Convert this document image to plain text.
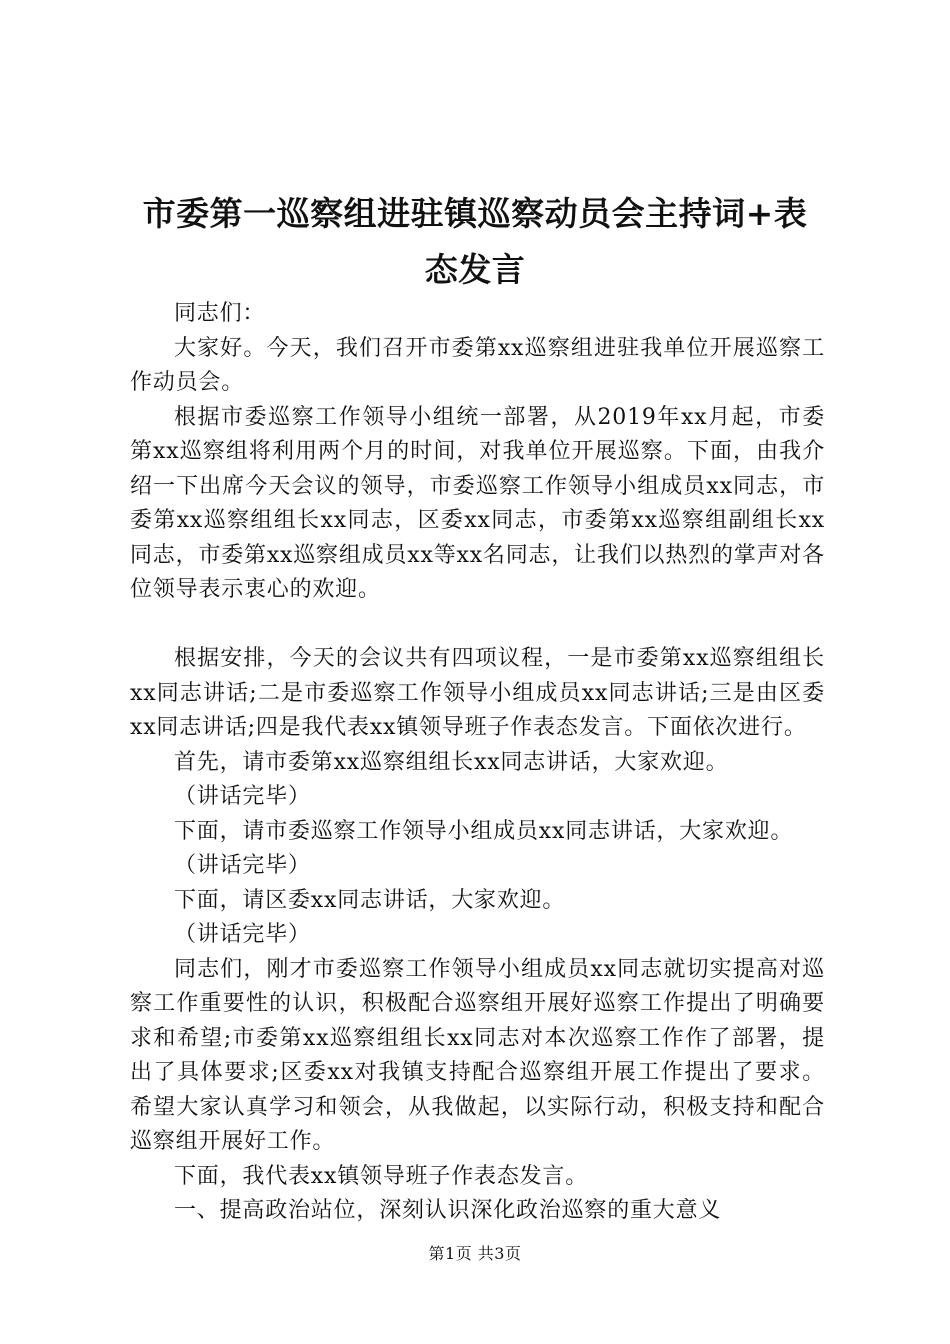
市委第一巡察组进驻镇巡察动员会主持词+表
态发言

同志们：

大家好。今天，我们召开市委第xx巡察组进驻我单位开展巡察工作动员会。

根据市委巡察工作领导小组统一部署，从2019年xx月起，市委第xx巡察组将利用两个月的时间，对我单位开展巡察。下面，由我介绍一下出席今天会议的领导，市委巡察工作领导小组成员xx同志，市委第xx巡察组组长xx同志，区委xx同志，市委第xx巡察组副组长xx同志，市委第xx巡察组成员xx等xx名同志，让我们以热烈的掌声对各位领导表示衷心的欢迎。

根据安排，今天的会议共有四项议程，一是市委第xx巡察组组长xx同志讲话;二是市委巡察工作领导小组成员xx同志讲话;三是由区委xx同志讲话;四是我代表xx镇领导班子作表态发言。下面依次进行。

首先，请市委第xx巡察组组长xx同志讲话，大家欢迎。

（讲话完毕）

下面，请市委巡察工作领导小组成员xx同志讲话，大家欢迎。

（讲话完毕）

下面，请区委xx同志讲话，大家欢迎。

（讲话完毕）

同志们，刚才市委巡察工作领导小组成员xx同志就切实提高对巡察工作重要性的认识，积极配合巡察组开展好巡察工作提出了明确要求和希望;市委第xx巡察组组长xx同志对本次巡察工作作了部署，提出了具体要求;区委xx对我镇支持配合巡察组开展工作提出了要求。希望大家认真学习和领会，从我做起，以实际行动，积极支持和配合巡察组开展好工作。

下面，我代表xx镇领导班子作表态发言。

一、提高政治站位，深刻认识深化政治巡察的重大意义

第1页 共3页
